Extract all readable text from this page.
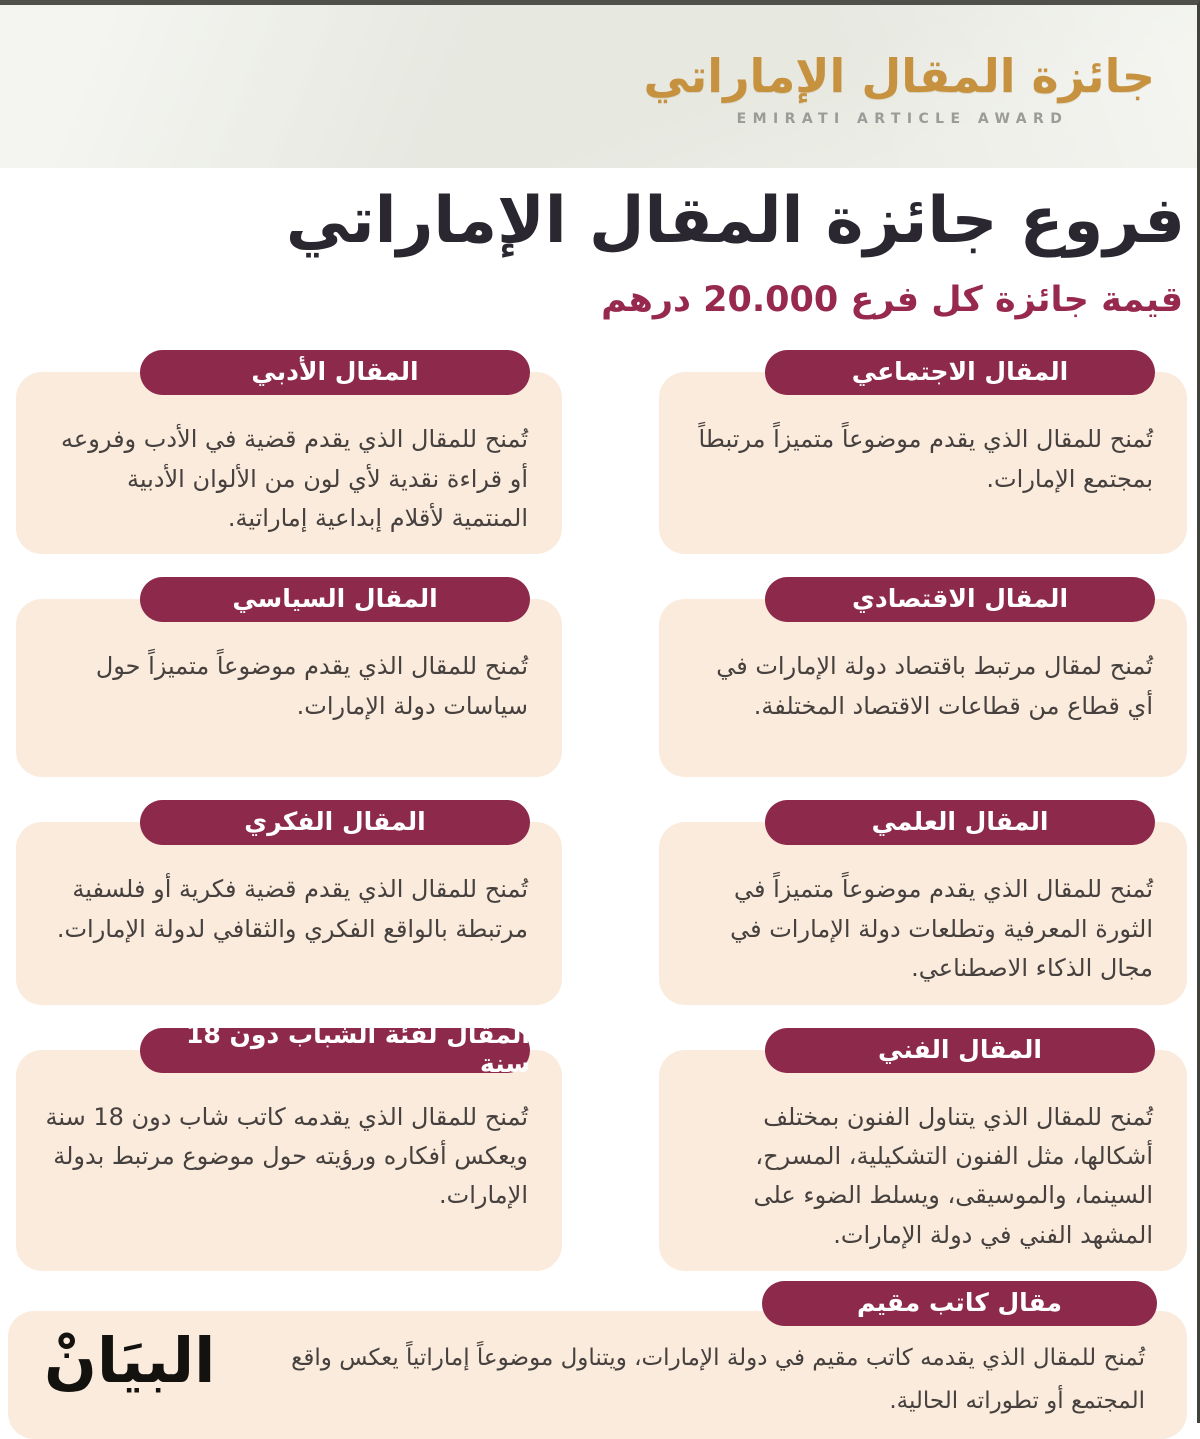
جائزة المقال الإماراتي
EMIRATI ARTICLE AWARD
فروع جائزة المقال الإماراتي
قيمة جائزة كل فرع 20.000 درهم
المقال الاجتماعي

تُمنح للمقال الذي يقدم موضوعاً متميزاً مرتبطاً بمجتمع الإمارات.

المقال الأدبي

تُمنح للمقال الذي يقدم قضية في الأدب وفروعه أو قراءة نقدية لأي لون من الألوان الأدبية المنتمية لأقلام إبداعية إماراتية.

المقال الاقتصادي

تُمنح لمقال مرتبط باقتصاد دولة الإمارات في أي قطاع من قطاعات الاقتصاد المختلفة.

المقال السياسي

تُمنح للمقال الذي يقدم موضوعاً متميزاً حول سياسات دولة الإمارات.

المقال العلمي

تُمنح للمقال الذي يقدم موضوعاً متميزاً في الثورة المعرفية وتطلعات دولة الإمارات في مجال الذكاء الاصطناعي.

المقال الفكري

تُمنح للمقال الذي يقدم قضية فكرية أو فلسفية مرتبطة بالواقع الفكري والثقافي لدولة الإمارات.

المقال الفني

تُمنح للمقال الذي يتناول الفنون بمختلف أشكالها، مثل الفنون التشكيلية، المسرح، السينما، والموسيقى، ويسلط الضوء على المشهد الفني في دولة الإمارات.

المقال لفئة الشباب دون 18 سنة

تُمنح للمقال الذي يقدمه كاتب شاب دون 18 سنة ويعكس أفكاره ورؤيته حول موضوع مرتبط بدولة الإمارات.

مقال كاتب مقيم

تُمنح للمقال الذي يقدمه كاتب مقيم في دولة الإمارات، ويتناول موضوعاً إماراتياً يعكس واقع المجتمع أو تطوراته الحالية.

البيَانْ
